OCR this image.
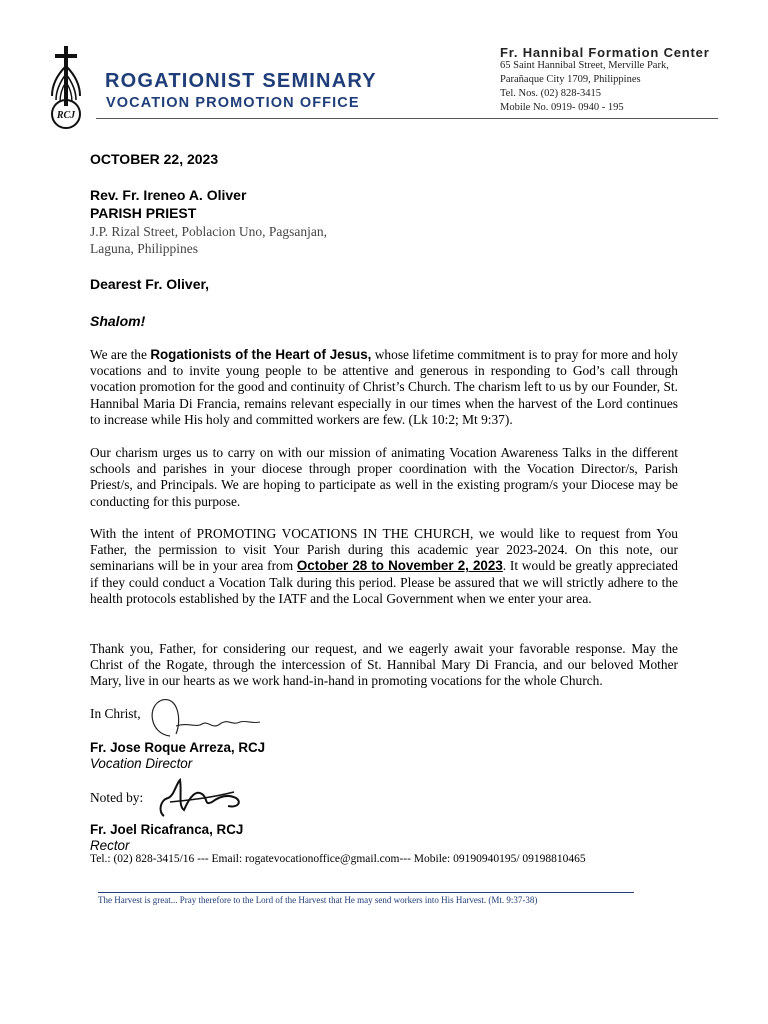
RCJ
ROGATIONIST SEMINARY
VOCATION PROMOTION OFFICE
Fr. Hannibal Formation Center
65 Saint Hannibal Street, Merville Park,
Parañaque City 1709, Philippines
Tel. Nos. (02) 828-3415
Mobile No. 0919- 0940 - 195
OCTOBER 22, 2023
Rev. Fr. Ireneo A. Oliver
PARISH PRIEST
J.P. Rizal Street, Poblacion Uno, Pagsanjan,
Laguna, Philippines
Dearest Fr. Oliver,
Shalom!
We are the Rogationists of the Heart of Jesus, whose lifetime commitment is to pray for more and holy vocations and to invite young people to be attentive and generous in responding to God’s call through vocation promotion for the good and continuity of Christ’s Church. The charism left to us by our Founder, St. Hannibal Maria Di Francia, remains relevant especially in our times when the harvest of the Lord continues to increase while His holy and committed workers are few. (Lk 10:2; Mt 9:37).
Our charism urges us to carry on with our mission of animating Vocation Awareness Talks in the different schools and parishes in your diocese through proper coordination with the Vocation Director/s, Parish Priest/s, and Principals. We are hoping to participate as well in the existing program/s your Diocese may be conducting for this purpose.
With the intent of PROMOTING VOCATIONS IN THE CHURCH, we would like to request from You Father, the permission to visit Your Parish during this academic year 2023-2024. On this note, our seminarians will be in your area from October 28 to November 2, 2023. It would be greatly appreciated if they could conduct a Vocation Talk during this period. Please be assured that we will strictly adhere to the health protocols established by the IATF and the Local Government when we enter your area.
Thank you, Father, for considering our request, and we eagerly await your favorable response. May the Christ of the Rogate, through the intercession of St. Hannibal Mary Di Francia, and our beloved Mother Mary, live in our hearts as we work hand-in-hand in promoting vocations for the whole Church.
In Christ,
Fr. Jose Roque Arreza, RCJ
Vocation Director
Noted by:
Fr. Joel Ricafranca, RCJ
Rector
Tel.: (02) 828-3415/16 --- Email: rogatevocationoffice@gmail.com--- Mobile: 09190940195/ 09198810465
The Harvest is great... Pray therefore to the Lord of the Harvest that He may send workers into His Harvest. (Mt. 9:37-38)
